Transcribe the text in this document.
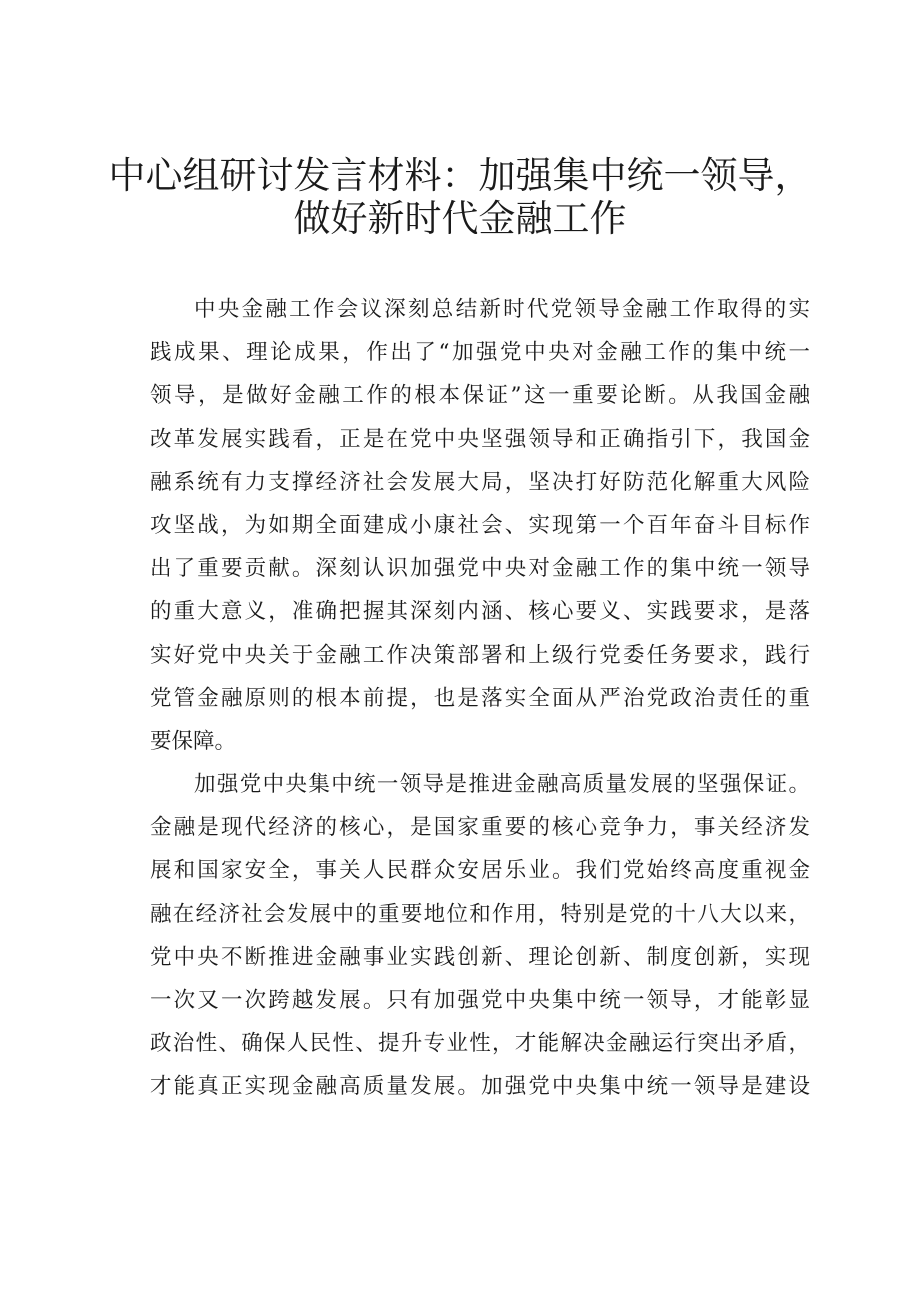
中心组研讨发言材料：加强集中统一领导，
做好新时代金融工作
中央金融工作会议深刻总结新时代党领导金融工作取得的实
践成果、理论成果，作出了“加强党中央对金融工作的集中统一
领导，是做好金融工作的根本保证”这一重要论断。从我国金融
改革发展实践看，正是在党中央坚强领导和正确指引下，我国金
融系统有力支撑经济社会发展大局，坚决打好防范化解重大风险
攻坚战，为如期全面建成小康社会、实现第一个百年奋斗目标作
出了重要贡献。深刻认识加强党中央对金融工作的集中统一领导
的重大意义，准确把握其深刻内涵、核心要义、实践要求，是落
实好党中央关于金融工作决策部署和上级行党委任务要求，践行
党管金融原则的根本前提，也是落实全面从严治党政治责任的重
要保障。
加强党中央集中统一领导是推进金融高质量发展的坚强保证。
金融是现代经济的核心，是国家重要的核心竞争力，事关经济发
展和国家安全，事关人民群众安居乐业。我们党始终高度重视金
融在经济社会发展中的重要地位和作用，特别是党的十八大以来，
党中央不断推进金融事业实践创新、理论创新、制度创新，实现
一次又一次跨越发展。只有加强党中央集中统一领导，才能彰显
政治性、确保人民性、提升专业性，才能解决金融运行突出矛盾，
才能真正实现金融高质量发展。加强党中央集中统一领导是建设
